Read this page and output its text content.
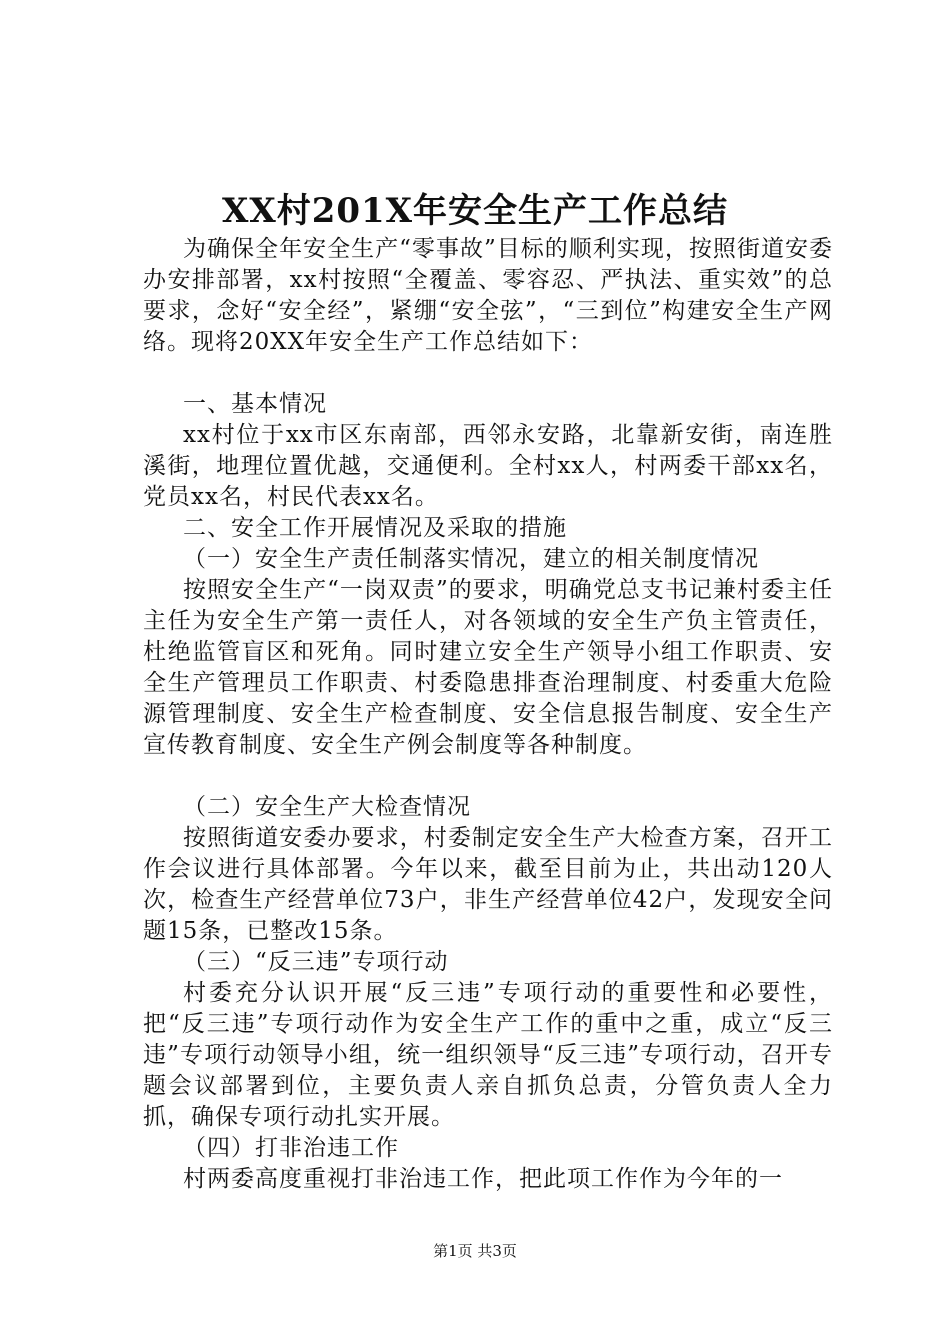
XX村201X年安全生产工作总结

为确保全年安全生产“零事故”目标的顺利实现，按照街道安委办安排部署，xx村按照“全覆盖、零容忍、严执法、重实效”的总要求，念好“安全经”，紧绷“安全弦”，“三到位”构建安全生产网络。现将20XX年安全生产工作总结如下：

一、基本情况

xx村位于xx市区东南部，西邻永安路，北靠新安街，南连胜溪街，地理位置优越，交通便利。全村xx人，村两委干部xx名，党员xx名，村民代表xx名。

二、安全工作开展情况及采取的措施

（一）安全生产责任制落实情况，建立的相关制度情况

按照安全生产“一岗双责”的要求，明确党总支书记兼村委主任主任为安全生产第一责任人，对各领域的安全生产负主管责任，杜绝监管盲区和死角。同时建立安全生产领导小组工作职责、安全生产管理员工作职责、村委隐患排查治理制度、村委重大危险源管理制度、安全生产检查制度、安全信息报告制度、安全生产宣传教育制度、安全生产例会制度等各种制度。

（二）安全生产大检查情况

按照街道安委办要求，村委制定安全生产大检查方案，召开工作会议进行具体部署。今年以来，截至目前为止，共出动120人次，检查生产经营单位73户，非生产经营单位42户，发现安全问题15条，已整改15条。

（三）“反三违”专项行动

村委充分认识开展“反三违”专项行动的重要性和必要性，把“反三违”专项行动作为安全生产工作的重中之重，成立“反三违”专项行动领导小组，统一组织领导“反三违”专项行动，召开专题会议部署到位，主要负责人亲自抓负总责，分管负责人全力抓，确保专项行动扎实开展。

（四）打非治违工作

村两委高度重视打非治违工作，把此项工作作为今年的一

第1页 共3页
